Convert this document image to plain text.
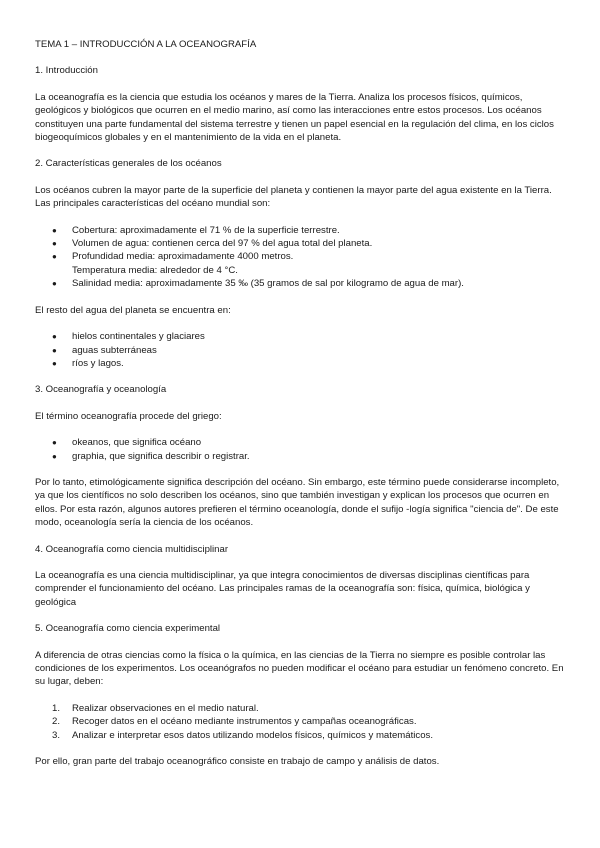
TEMA 1 – INTRODUCCIÓN A LA OCEANOGRAFÍA
1. Introducción

La oceanografía es la ciencia que estudia los océanos y mares de la Tierra. Analiza los procesos físicos, químicos, geológicos y biológicos que ocurren en el medio marino, así como las interacciones entre estos procesos. Los océanos constituyen una parte fundamental del sistema terrestre y tienen un papel esencial en la regulación del clima, en los ciclos biogeoquímicos globales y en el mantenimiento de la vida en el planeta.

2. Características generales de los océanos

Los océanos cubren la mayor parte de la superficie del planeta y contienen la mayor parte del agua existente en la Tierra. Las principales características del océano mundial son:

● Cobertura: aproximadamente el 71 % de la superficie terrestre.
● Volumen de agua: contienen cerca del 97 % del agua total del planeta.
● Profundidad media: aproximadamente 4000 metros.
Temperatura media: alrededor de 4 °C.
● Salinidad media: aproximadamente 35 ‰ (35 gramos de sal por kilogramo de agua de mar).

El resto del agua del planeta se encuentra en:

● hielos continentales y glaciares
● aguas subterráneas
● ríos y lagos.
3. Oceanografía y oceanología

El término oceanografía procede del griego:

● okeanos, que significa océano
● graphia, que significa describir o registrar.

Por lo tanto, etimológicamente significa descripción del océano. Sin embargo, este término puede considerarse incompleto, ya que los científicos no solo describen los océanos, sino que también investigan y explican los procesos que ocurren en ellos. Por esta razón, algunos autores prefieren el término oceanología, donde el sufijo -logía significa "ciencia de". De este modo, oceanología sería la ciencia de los océanos.

4. Oceanografía como ciencia multidisciplinar

La oceanografía es una ciencia multidisciplinar, ya que integra conocimientos de diversas disciplinas científicas para comprender el funcionamiento del océano. Las principales ramas de la oceanografía son: física, química, biológica y geológica

5. Oceanografía como ciencia experimental

A diferencia de otras ciencias como la física o la química, en las ciencias de la Tierra no siempre es posible controlar las condiciones de los experimentos. Los oceanógrafos no pueden modificar el océano para estudiar un fenómeno concreto. En su lugar, deben:

1. Realizar observaciones en el medio natural.
2. Recoger datos en el océano mediante instrumentos y campañas oceanográficas.
3. Analizar e interpretar esos datos utilizando modelos físicos, químicos y matemáticos.

Por ello, gran parte del trabajo oceanográfico consiste en trabajo de campo y análisis de datos.
